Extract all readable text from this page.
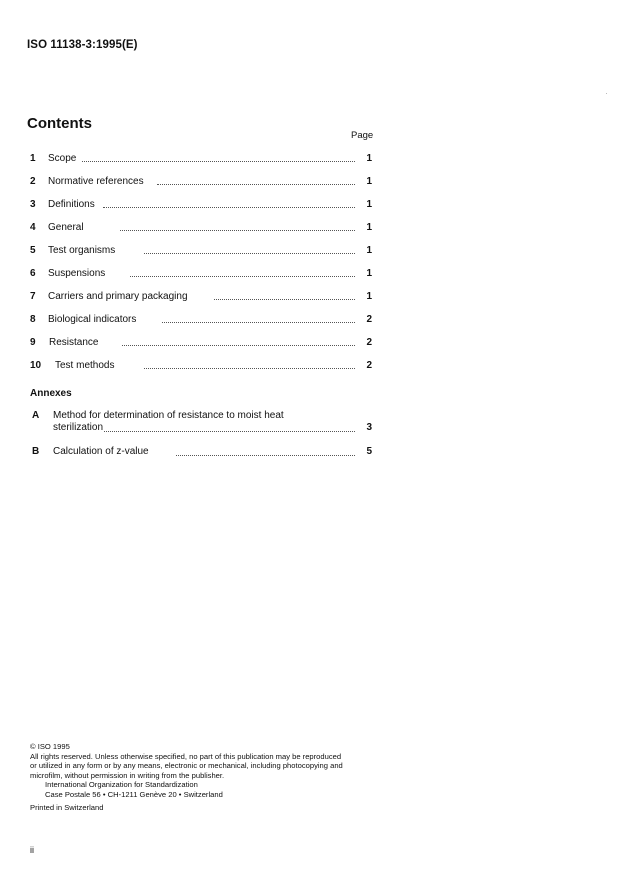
ISO 11138-3:1995(E)
Contents
Page
1 Scope	1
2 Normative references	1
3 Definitions	1
4 General	1
5 Test organisms	1
6 Suspensions	1
7 Carriers and primary packaging	1
8 Biological indicators	2
9 Resistance	2
10 Test methods	2
Annexes
A Method for determination of resistance to moist heat
sterilization	3
B Calculation of z-value	5
© ISO 1995
All rights reserved. Unless otherwise specified, no part of this publication may be reproduced
or utilized in any form or by any means, electronic or mechanical, including photocopying and
microfilm, without permission in writing from the publisher.
International Organization for Standardization
Case Postale 56 • CH-1211 Genève 20 • Switzerland
Printed in Switzerland
ii
